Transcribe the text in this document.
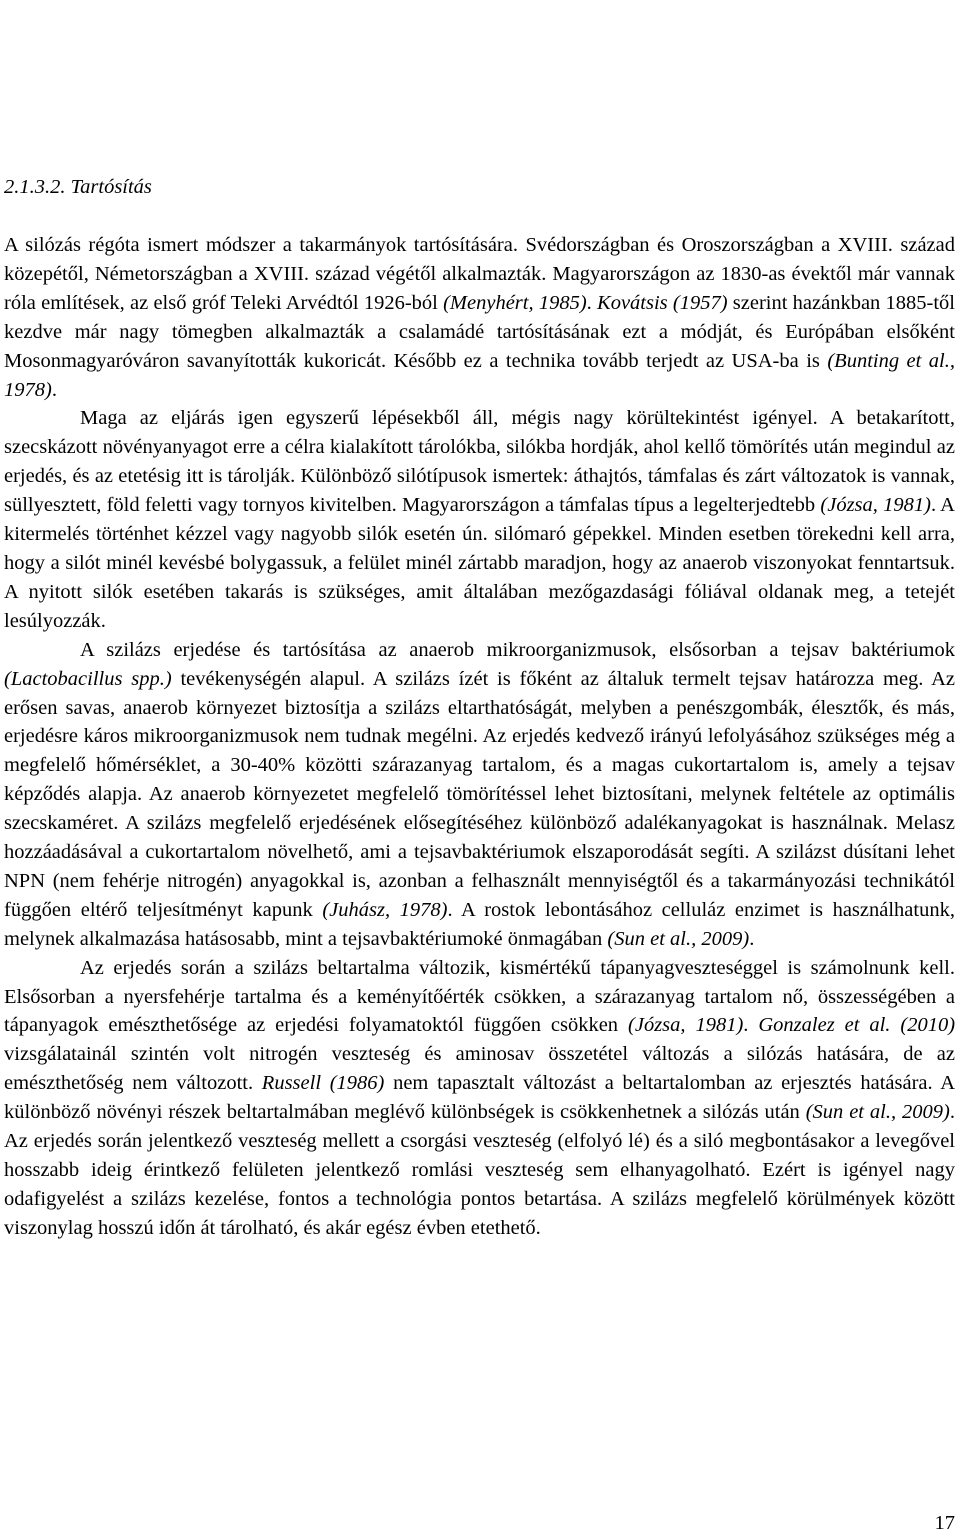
2.1.3.2. Tartósítás

A silózás régóta ismert módszer a takarmányok tartósítására. Svédországban és Oroszországban a XVIII. század közepétől, Németországban a XVIII. század végétől alkalmazták. Magyarországon az 1830-as évektől már vannak róla említések, az első gróf Teleki Arvédtól 1926-ból (Menyhért, 1985). Kovátsis (1957) szerint hazánkban 1885-től kezdve már nagy tömegben alkalmazták a csalamádé tartósításának ezt a módját, és Európában elsőként Mosonmagyaróváron savanyították kukoricát. Később ez a technika tovább terjedt az USA-ba is (Bunting et al., 1978).

Maga az eljárás igen egyszerű lépésekből áll, mégis nagy körültekintést igényel. A betakarított, szecskázott növényanyagot erre a célra kialakított tárolókba, silókba hordják, ahol kellő tömörítés után megindul az erjedés, és az etetésig itt is tárolják. Különböző silótípusok ismertek: áthajtós, támfalas és zárt változatok is vannak, süllyesztett, föld feletti vagy tornyos kivitelben. Magyarországon a támfalas típus a legelterjedtebb (Józsa, 1981). A kitermelés történhet kézzel vagy nagyobb silók esetén ún. silómaró gépekkel. Minden esetben törekedni kell arra, hogy a silót minél kevésbé bolygassuk, a felület minél zártabb maradjon, hogy az anaerob viszonyokat fenntartsuk. A nyitott silók esetében takarás is szükséges, amit általában mezőgazdasági fóliával oldanak meg, a tetejét lesúlyozzák.

A szilázs erjedése és tartósítása az anaerob mikroorganizmusok, elsősorban a tejsav baktériumok (Lactobacillus spp.) tevékenységén alapul. A szilázs ízét is főként az általuk termelt tejsav határozza meg. Az erősen savas, anaerob környezet biztosítja a szilázs eltarthatóságát, melyben a penészgombák, élesztők, és más, erjedésre káros mikroorganizmusok nem tudnak megélni. Az erjedés kedvező irányú lefolyásához szükséges még a megfelelő hőmérséklet, a 30-40% közötti szárazanyag tartalom, és a magas cukortartalom is, amely a tejsav képződés alapja. Az anaerob környezetet megfelelő tömörítéssel lehet biztosítani, melynek feltétele az optimális szecskaméret. A szilázs megfelelő erjedésének elősegítéséhez különböző adalékanyagokat is használnak. Melasz hozzáadásával a cukortartalom növelhető, ami a tejsavbaktériumok elszaporodását segíti. A szilázst dúsítani lehet NPN (nem fehérje nitrogén) anyagokkal is, azonban a felhasznált mennyiségtől és a takarmányozási technikától függően eltérő teljesítményt kapunk (Juhász, 1978). A rostok lebontásához celluláz enzimet is használhatunk, melynek alkalmazása hatásosabb, mint a tejsavbaktériumoké önmagában (Sun et al., 2009).

Az erjedés során a szilázs beltartalma változik, kismértékű tápanyagveszteséggel is számolnunk kell. Elsősorban a nyersfehérje tartalma és a keményítőérték csökken, a szárazanyag tartalom nő, összességében a tápanyagok emészthetősége az erjedési folyamatoktól függően csökken (Józsa, 1981). Gonzalez et al. (2010) vizsgálatainál szintén volt nitrogén veszteség és aminosav összetétel változás a silózás hatására, de az emészthetőség nem változott. Russell (1986) nem tapasztalt változást a beltartalomban az erjesztés hatására. A különböző növényi részek beltartalmában meglévő különbségek is csökkenhetnek a silózás után (Sun et al., 2009). Az erjedés során jelentkező veszteség mellett a csorgási veszteség (elfolyó lé) és a siló megbontásakor a levegővel hosszabb ideig érintkező felületen jelentkező romlási veszteség sem elhanyagolható. Ezért is igényel nagy odafigyelést a szilázs kezelése, fontos a technológia pontos betartása. A szilázs megfelelő körülmények között viszonylag hosszú időn át tárolható, és akár egész évben etethető.

17
